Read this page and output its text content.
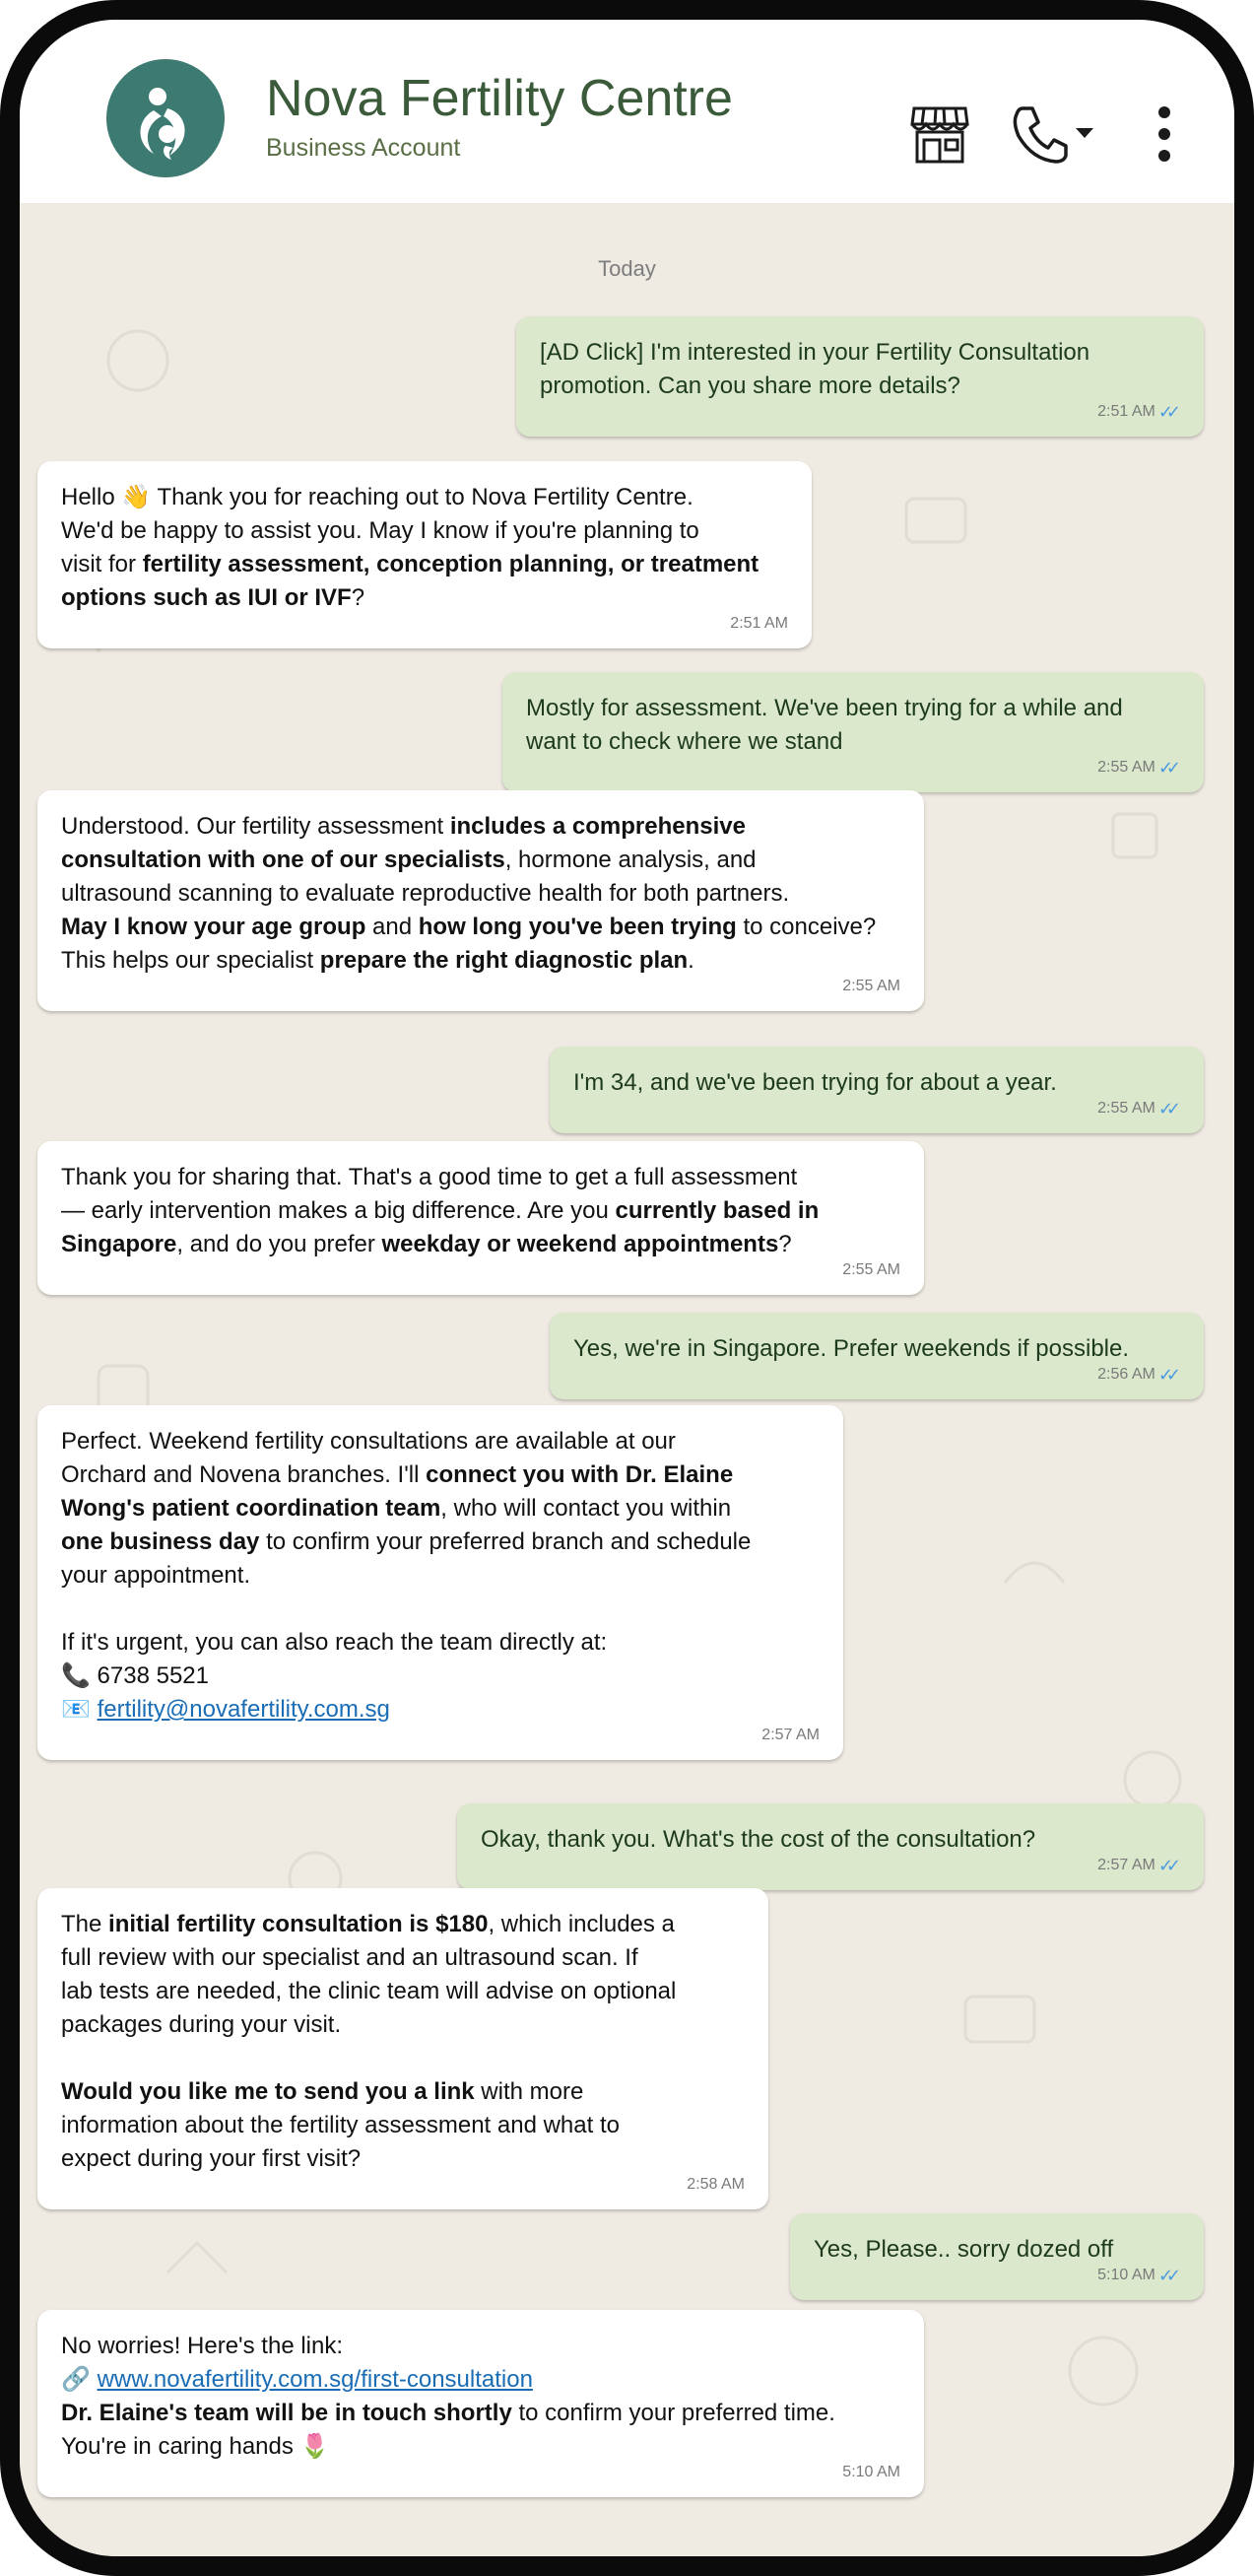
Nova Fertility Centre
Business Account
Today
[AD Click] I'm interested in your Fertility Consultation
promotion. Can you share more details?
2:51 AM ✓✓
Hello 👋 Thank you for reaching out to Nova Fertility Centre.
We'd be happy to assist you. May I know if you're planning to
visit for fertility assessment, conception planning, or treatment
options such as IUI or IVF?
2:51 AM
Mostly for assessment. We've been trying for a while and
want to check where we stand
2:55 AM ✓✓
Understood. Our fertility assessment includes a comprehensive
consultation with one of our specialists, hormone analysis, and
ultrasound scanning to evaluate reproductive health for both partners.
May I know your age group and how long you've been trying to conceive?
This helps our specialist prepare the right diagnostic plan.
2:55 AM
I'm 34, and we've been trying for about a year.
2:55 AM ✓✓
Thank you for sharing that. That's a good time to get a full assessment
— early intervention makes a big difference. Are you currently based in
Singapore, and do you prefer weekday or weekend appointments?
2:55 AM
Yes, we're in Singapore. Prefer weekends if possible.
2:56 AM ✓✓
Perfect. Weekend fertility consultations are available at our
Orchard and Novena branches. I'll connect you with Dr. Elaine
Wong's patient coordination team, who will contact you within
one business day to confirm your preferred branch and schedule
your appointment.

If it's urgent, you can also reach the team directly at:
📞 6738 5521
📧 fertility@novafertility.com.sg
2:57 AM
Okay, thank you. What's the cost of the consultation?
2:57 AM ✓✓
The initial fertility consultation is $180, which includes a
full review with our specialist and an ultrasound scan. If
lab tests are needed, the clinic team will advise on optional
packages during your visit.

Would you like me to send you a link with more
information about the fertility assessment and what to
expect during your first visit?
2:58 AM
Yes, Please.. sorry dozed off
5:10 AM ✓✓
No worries! Here's the link:
🔗 www.novafertility.com.sg/first-consultation
Dr. Elaine's team will be in touch shortly to confirm your preferred time.
You're in caring hands 🌷
5:10 AM
